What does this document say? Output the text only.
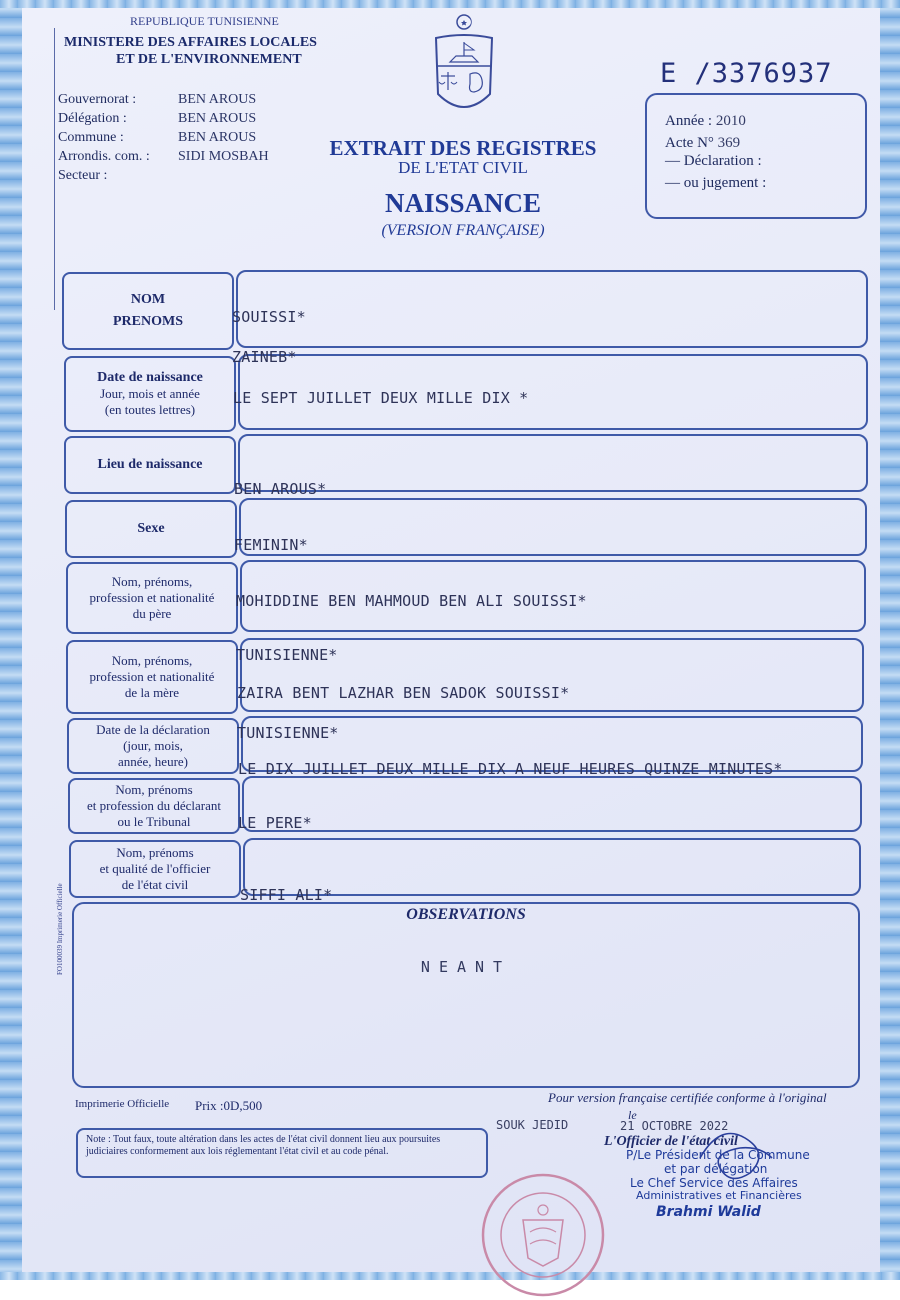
REPUBLIQUE TUNISIENNE
MINISTERE DES AFFAIRES LOCALES
ET DE L'ENVIRONNEMENT
Gouvernorat :
Délégation :
Commune :
Arrondis. com. :
Secteur :
BEN AROUS
BEN AROUS
BEN AROUS
SIDI MOSBAH	EXTRAIT DES REGISTRES
DE L'ETAT CIVIL
NAISSANCE
(VERSION FRANÇAISE)
E /3376937
Année : 2010
Acte N° 369
— Déclaration :
— ou jugement :
NOM
PRENOMS
Date de naissance
Jour, mois et année
(en toutes lettres)
Lieu de naissance
Sexe
Nom, prénoms,
profession et nationalité
du père
Nom, prénoms,
profession et nationalité
de la mère
Date de la déclaration
(jour, mois,
année, heure)
Nom, prénoms
et profession du déclarant
ou le Tribunal
Nom, prénoms
et qualité de l'officier
de l'état civil
SOUISSI*
ZAINEB*
LE SEPT JUILLET DEUX MILLE DIX *
BEN AROUS*
FEMININ*
MOHIDDINE BEN MAHMOUD BEN ALI SOUISSI*
TUNISIENNE*
ZAIRA BENT LAZHAR BEN SADOK SOUISSI*
TUNISIENNE*
LE DIX JUILLET DEUX MILLE DIX A NEUF HEURES QUINZE MINUTES*
LE PERE*
SIFFI ALI*
OBSERVATIONS
NEANT
FO100039 Imprimerie Officielle
Pour version française certifiée conforme à l'original
Imprimerie Officielle Prix :0D,500
SOUK JEDID
le
21 OCTOBRE 2022
Note : Tout faux, toute altération dans les actes de l'état civil donnent lieu aux poursuites judiciaires conformement aux lois réglementant l'état civil et au code pénal.
L'Officier de l'état civil
P/Le Président de la Commune
et par délégation
Le Chef Service des Affaires
Administratives et Financières
Brahmi Walid
